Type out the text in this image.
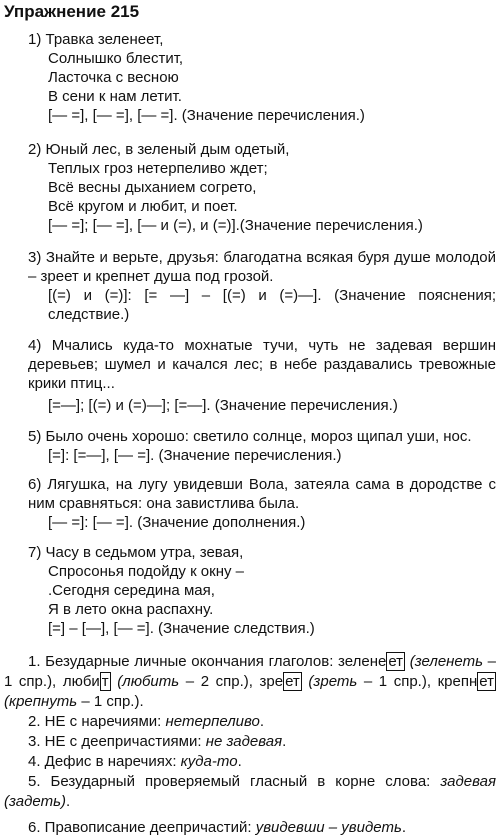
Упражнение 215
1) Травка зеленеет,
Солнышко блестит,
Ласточка с весною
В сени к нам летит.
[— =], [— =], [— =]. (Значение перечисления.)
2) Юный лес, в зеленый дым одетый,
Теплых гроз нетерпеливо ждет;
Всё весны дыханием согрето,
Всё кругом и любит, и поет.
[— =]; [— =], [— и (=), и (=)].(Значение перечисления.)
3) Знайте и верьте, друзья: благодатна всякая буря душе молодой – зреет и крепнет душа под грозой.
[(=) и (=)]: [= —] – [(=) и (=)—]. (Значение пояснения; следствие.)
4) Мчались куда-то мохнатые тучи, чуть не задевая вершин деревьев; шумел и качался лес; в небе раздавались тревожные крики птиц...
[=—]; [(=) и (=)—]; [=—]. (Значение перечисления.)
5) Было очень хорошо: светило солнце, мороз щипал уши, нос.
[=]: [=—], [— =]. (Значение перечисления.)
6) Лягушка, на лугу увидевши Вола, затеяла сама в дородстве с ним сравняться: она завистлива была.
[— =]: [— =]. (Значение дополнения.)
7) Часу в седьмом утра, зевая,
Спросонья подойду к окну –
.Сегодня середина мая,
Я в лето окна распахну.
[=] – [—], [— =]. (Значение следствия.)
1. Безударные личные окончания глаголов: зелене ет (зеленеть – 1 спр.), люби т (любить – 2 спр.), зре ет (зреть – 1 спр.), крепн ет (крепнуть – 1 спр.).
2. НЕ с наречиями: нетерпеливо.
3. НЕ с деепричастиями: не задевая.
4. Дефис в наречиях: куда-то.
5. Безударный проверяемый гласный в корне слова: задевая (задеть).
6. Правописание деепричастий: увидевши – увидеть.
